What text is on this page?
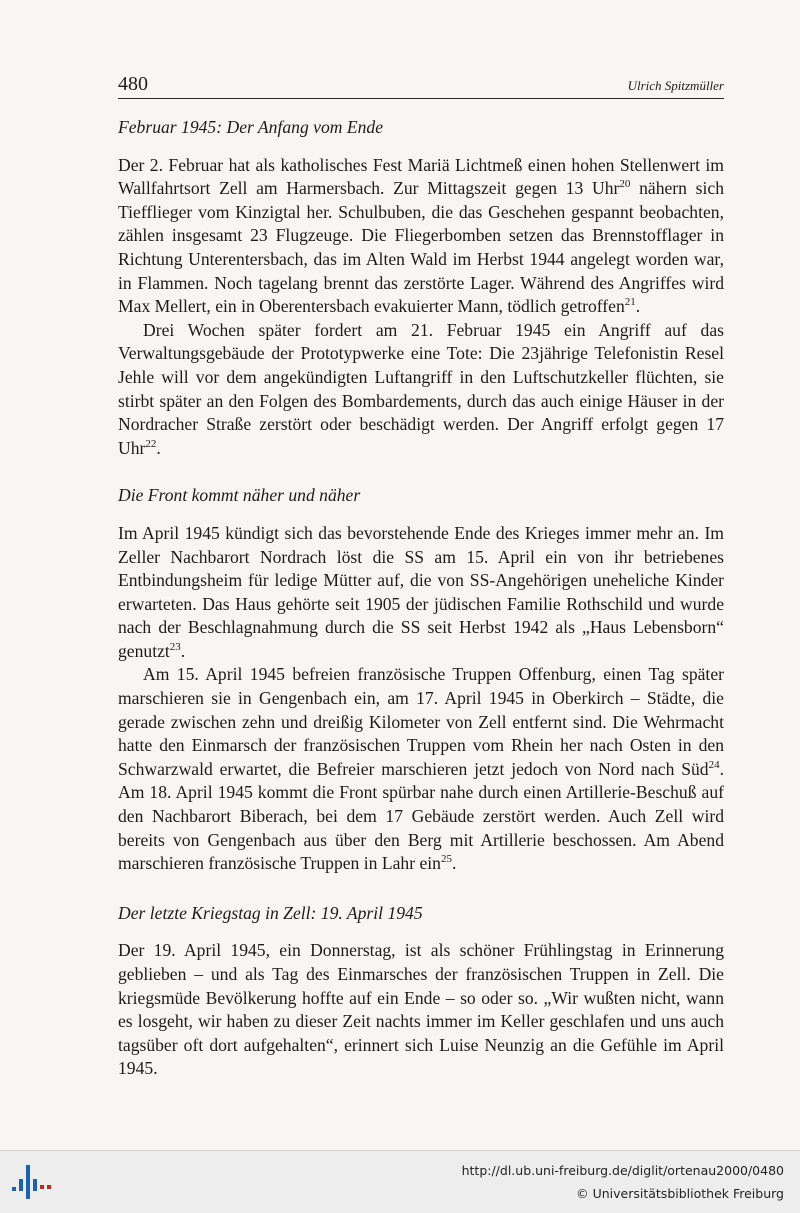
480	Ulrich Spitzmüller
Februar 1945: Der Anfang vom Ende

Der 2. Februar hat als katholisches Fest Mariä Lichtmeß einen hohen Stellenwert im Wallfahrtsort Zell am Harmersbach. Zur Mittagszeit gegen 13 Uhr$^{20}$ nähern sich Tiefflieger vom Kinzigtal her. Schulbuben, die das Geschehen gespannt beobachten, zählen insgesamt 23 Flugzeuge. Die Fliegerbomben setzen das Brennstofflager in Richtung Unterentersbach, das im Alten Wald im Herbst 1944 angelegt worden war, in Flammen. Noch tagelang brennt das zerstörte Lager. Während des Angriffes wird Max Mellert, ein in Oberentersbach evakuierter Mann, tödlich getroffen$^{21}$.

Drei Wochen später fordert am 21. Februar 1945 ein Angriff auf das Verwaltungsgebäude der Prototypwerke eine Tote: Die 23jährige Telefonistin Resel Jehle will vor dem angekündigten Luftangriff in den Luftschutzkeller flüchten, sie stirbt später an den Folgen des Bombardements, durch das auch einige Häuser in der Nordracher Straße zerstört oder beschädigt werden. Der Angriff erfolgt gegen 17 Uhr$^{22}$.

Die Front kommt näher und näher

Im April 1945 kündigt sich das bevorstehende Ende des Krieges immer mehr an. Im Zeller Nachbarort Nordrach löst die SS am 15. April ein von ihr betriebenes Entbindungsheim für ledige Mütter auf, die von SS-Angehörigen uneheliche Kinder erwarteten. Das Haus gehörte seit 1905 der jüdischen Familie Rothschild und wurde nach der Beschlagnahmung durch die SS seit Herbst 1942 als „Haus Lebensborn“ genutzt$^{23}$.

Am 15. April 1945 befreien französische Truppen Offenburg, einen Tag später marschieren sie in Gengenbach ein, am 17. April 1945 in Oberkirch – Städte, die gerade zwischen zehn und dreißig Kilometer von Zell entfernt sind. Die Wehrmacht hatte den Einmarsch der französischen Truppen vom Rhein her nach Osten in den Schwarzwald erwartet, die Befreier marschieren jetzt jedoch von Nord nach Süd$^{24}$. Am 18. April 1945 kommt die Front spürbar nahe durch einen Artillerie-Beschuß auf den Nachbarort Biberach, bei dem 17 Gebäude zerstört werden. Auch Zell wird bereits von Gengenbach aus über den Berg mit Artillerie beschossen. Am Abend marschieren französische Truppen in Lahr ein$^{25}$.

Der letzte Kriegstag in Zell: 19. April 1945

Der 19. April 1945, ein Donnerstag, ist als schöner Frühlingstag in Erinnerung geblieben – und als Tag des Einmarsches der französischen Truppen in Zell. Die kriegsmüde Bevölkerung hoffte auf ein Ende – so oder so. „Wir wußten nicht, wann es losgeht, wir haben zu dieser Zeit nachts immer im Keller geschlafen und uns auch tagsüber oft dort aufgehalten“, erinnert sich Luise Neunzig an die Gefühle im April 1945.

http://dl.ub.uni-freiburg.de/diglit/ortenau2000/0480
© Universitätsbibliothek Freiburg
